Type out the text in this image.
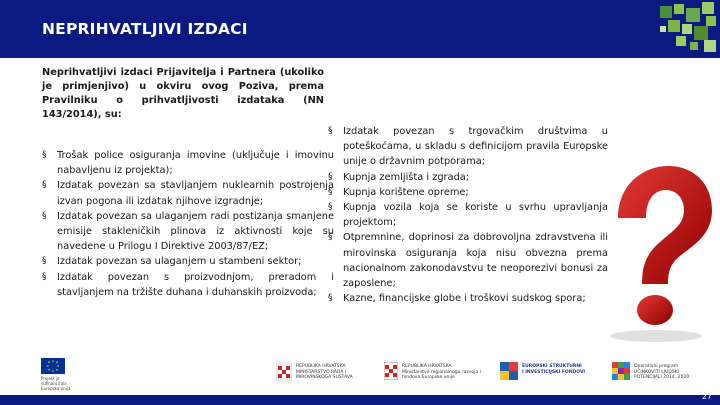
NEPRIHVATLJIVI IZDACI
Neprihvatljivi izdaci Prijavitelja i Partnera (ukoliko je primjenjivo) u okviru ovog Poziva, prema Pravilniku o prihvatljivosti izdataka (NN 143/2014), su:
§ Trošak police osiguranja imovine (uključuje i imovinu nabavljenu iz projekta);
§ Izdatak povezan sa stavljanjem nuklearnih postrojenja izvan pogona ili izdatak njihove izgradnje;
§ Izdatak povezan sa ulaganjem radi postizanja smanjene emisije stakleničkih plinova iz aktivnosti koje su navedene u Prilogu I Direktive 2003/87/EZ;
§ Izdatak povezan sa ulaganjem u stambeni sektor;
§ Izdatak povezan s proizvodnjom, preradom i stavljanjem na tržište duhana i duhanskih proizvoda;
§ Izdatak povezan s trgovačkim društvima u poteškoćama, u skladu s definicijom pravila Europske unije o državnim potporama;
§ Kupnja zemljišta i zgrada;
§ Kupnja korištene opreme;
§ Kupnja vozila koja se koriste u svrhu upravljanja projektom;
§ Otpremnine, doprinosi za dobrovoljna zdravstvena ili mirovinska osiguranja koja nisu obvezna prema nacionalnom zakonodavstvu te neoporezivi bonusi za zaposlene;
§ Kazne, financijske globe i troškovi sudskog spora;
Projekt je sufinancirala Europska unija
REPUBLIKA HRVATSKA
MINISTARSTVO RADA I MIROVINSKOGA SUSTAVA
REPUBLIKA HRVATSKA
Ministarstvo regionalnoga razvoja i fondova Europske unije
EUROPSKI STRUKTURNI
I INVESTICIJSKI FONDOVI
Operativni program
UČINKOVITI LJUDSKI POTENCIJALI 2014.-2020.
27
